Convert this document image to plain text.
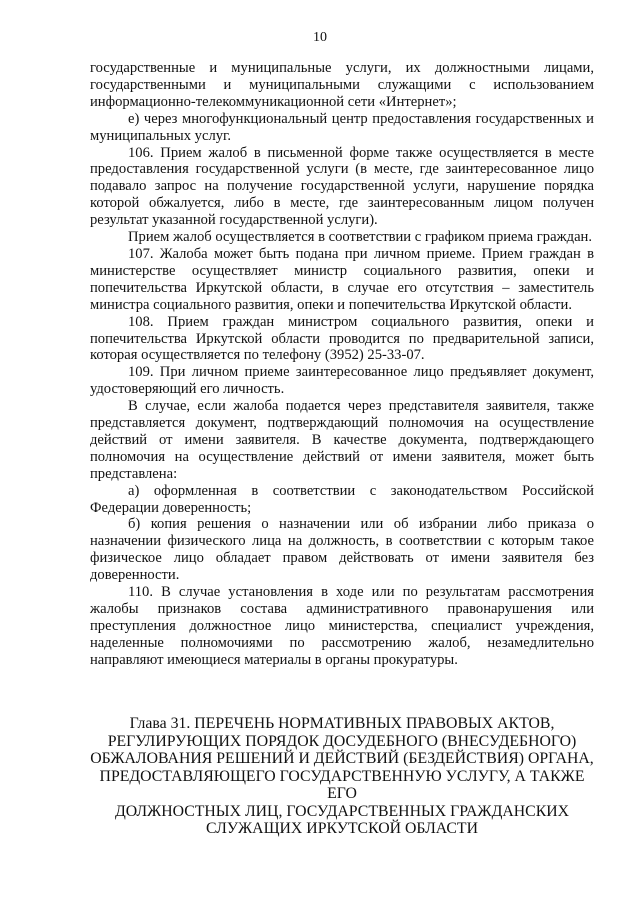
10

государственные и муниципальные услуги, их должностными лицами, государственными и муниципальными служащими с использованием информационно-телекоммуникационной сети «Интернет»;

е) через многофункциональный центр предоставления государственных и муниципальных услуг.

106. Прием жалоб в письменной форме также осуществляется в месте предоставления государственной услуги (в месте, где заинтересованное лицо подавало запрос на получение государственной услуги, нарушение порядка которой обжалуется, либо в месте, где заинтересованным лицом получен результат указанной государственной услуги).

Прием жалоб осуществляется в соответствии с графиком приема граждан.

107. Жалоба может быть подана при личном приеме. Прием граждан в министерстве осуществляет министр социального развития, опеки и попечительства Иркутской области, в случае его отсутствия – заместитель министра социального развития, опеки и попечительства Иркутской области.

108. Прием граждан министром социального развития, опеки и попечительства Иркутской области проводится по предварительной записи, которая осуществляется по телефону (3952) 25-33-07.

109. При личном приеме заинтересованное лицо предъявляет документ, удостоверяющий его личность.

В случае, если жалоба подается через представителя заявителя, также представляется документ, подтверждающий полномочия на осуществление действий от имени заявителя. В качестве документа, подтверждающего полномочия на осуществление действий от имени заявителя, может быть представлена:

а) оформленная в соответствии с законодательством Российской Федерации доверенность;

б) копия решения о назначении или об избрании либо приказа о назначении физического лица на должность, в соответствии с которым такое физическое лицо обладает правом действовать от имени заявителя без доверенности.

110. В случае установления в ходе или по результатам рассмотрения жалобы признаков состава административного правонарушения или преступления должностное лицо министерства, специалист учреждения, наделенные полномочиями по рассмотрению жалоб, незамедлительно направляют имеющиеся материалы в органы прокуратуры.

Глава 31. ПЕРЕЧЕНЬ НОРМАТИВНЫХ ПРАВОВЫХ АКТОВ,
РЕГУЛИРУЮЩИХ ПОРЯДОК ДОСУДЕБНОГО (ВНЕСУДЕБНОГО)
ОБЖАЛОВАНИЯ РЕШЕНИЙ И ДЕЙСТВИЙ (БЕЗДЕЙСТВИЯ) ОРГАНА,
ПРЕДОСТАВЛЯЮЩЕГО ГОСУДАРСТВЕННУЮ УСЛУГУ, А ТАКЖЕ ЕГО
ДОЛЖНОСТНЫХ ЛИЦ, ГОСУДАРСТВЕННЫХ ГРАЖДАНСКИХ
СЛУЖАЩИХ ИРКУТСКОЙ ОБЛАСТИ
